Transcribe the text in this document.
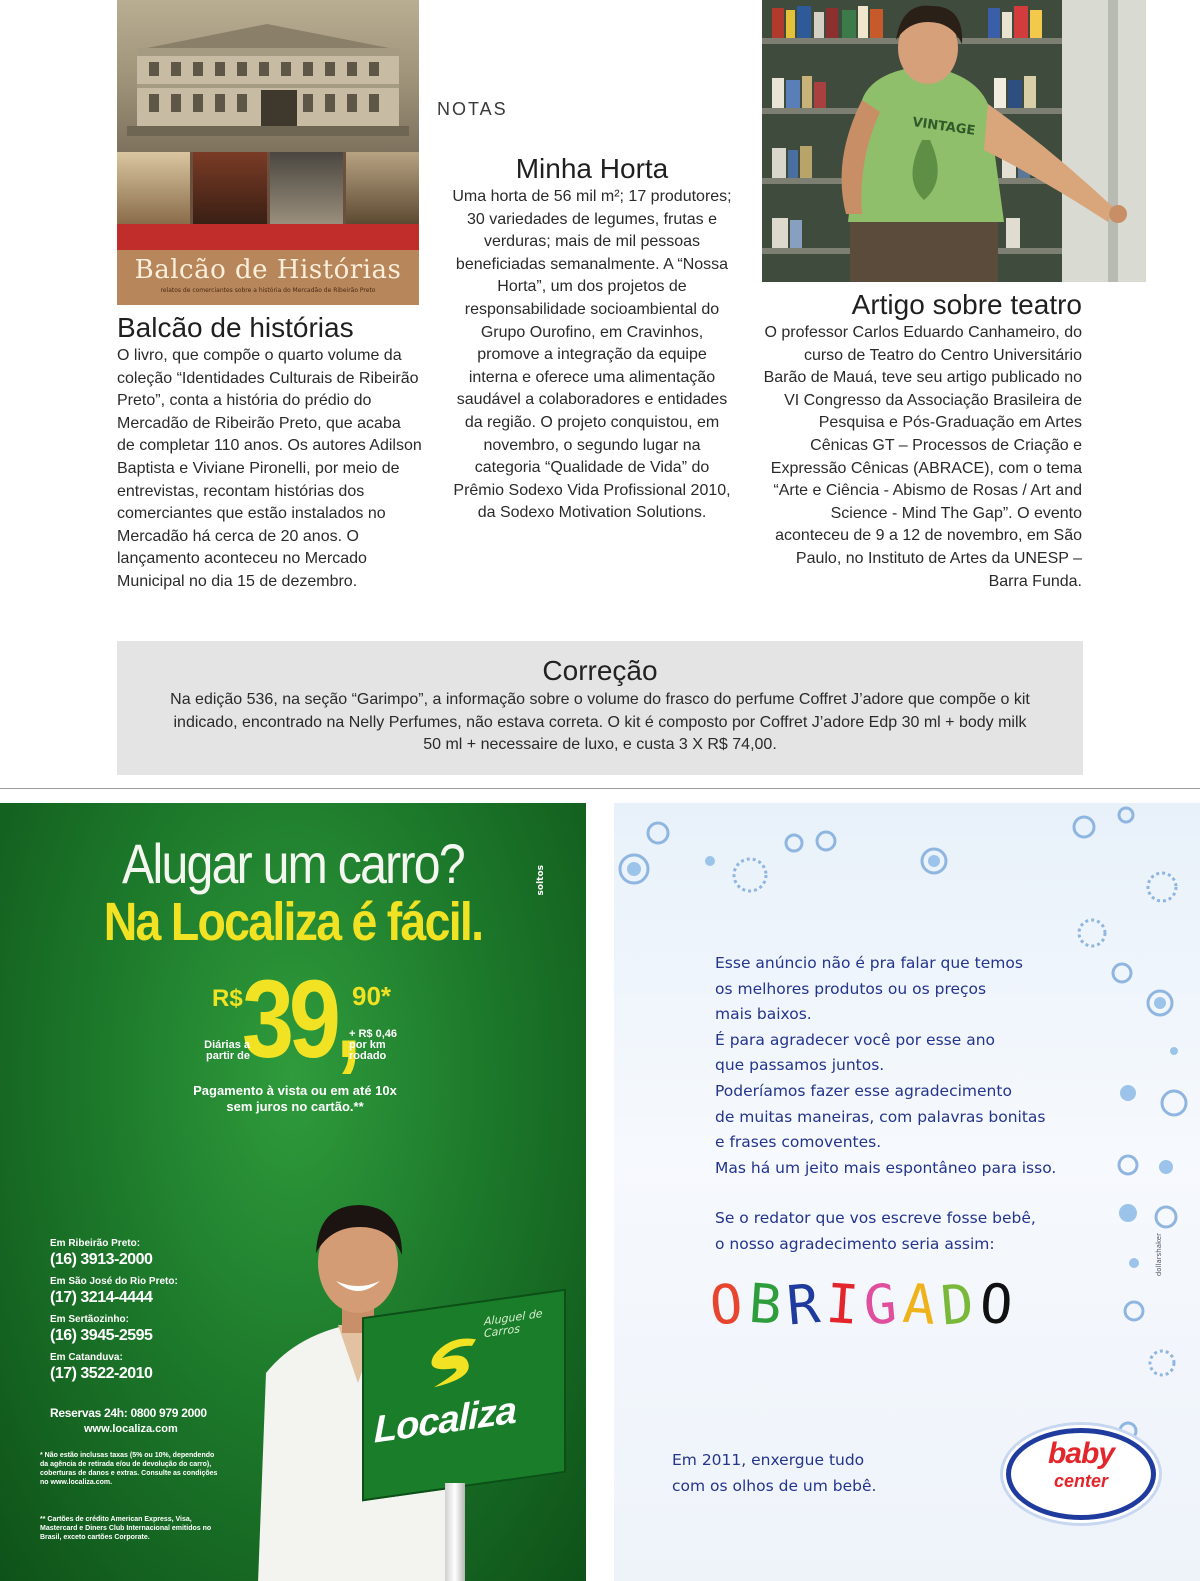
Balcão de Histórias
relatos de comerciantes sobre a história do Mercadão de Ribeirão Preto
NOTAS
Balcão de histórias

O livro, que compõe o quarto volume da coleção “Identidades Culturais de Ribeirão Preto”, conta a história do prédio do Mercadão de Ribeirão Preto, que acaba de completar 110 anos. Os autores Adilson Baptista e Viviane Pironelli, por meio de entrevistas, recontam histórias dos comerciantes que estão instalados no Mercadão há cerca de 20 anos. O lançamento aconteceu no Mercado Municipal no dia 15 de dezembro.

Minha Horta

Uma horta de 56 mil m²; 17 produtores; 30 variedades de legumes, frutas e verduras; mais de mil pessoas beneficiadas semanalmente. A “Nossa Horta”, um dos projetos de responsabilidade socioambiental do Grupo Ourofino, em Cravinhos, promove a integração da equipe interna e oferece uma alimentação saudável a colaboradores e entidades da região. O projeto conquistou, em novembro, o segundo lugar na categoria “Qualidade de Vida” do Prêmio Sodexo Vida Profissional 2010, da Sodexo Motivation Solutions.

VINTAGE
Artigo sobre teatro

O professor Carlos Eduardo Canhameiro, do curso de Teatro do Centro Universitário Barão de Mauá, teve seu artigo publicado no VI Congresso da Associação Brasileira de Pesquisa e Pós-Graduação em Artes Cênicas GT – Processos de Criação e Expressão Cênicas (ABRACE), com o tema “Arte e Ciência - Abismo de Rosas / Art and Science - Mind The Gap”. O evento aconteceu de 9 a 12 de novembro, em São Paulo, no Instituto de Artes da UNESP – Barra Funda.

Correção

Na edição 536, na seção “Garimpo”, a informação sobre o volume do frasco do perfume Coffret J’adore que compõe o kit indicado, encontrado na Nelly Perfumes, não estava correta. O kit é composto por Coffret J’adore Edp 30 ml + body milk 50 ml + necessaire de luxo, e custa 3 X R$ 74,00.

Alugar um carro?
Na Localiza é fácil.
soltos
R$ 39,
90*
Diárias a partir de
+ R$ 0,46 por km rodado
Pagamento à vista ou em até 10x sem juros no cartão.**
Aluguel de Carros
Localiza
Em Ribeirão Preto:
(16) 3913-2000
Em São José do Rio Preto:
(17) 3214-4444
Em Sertãozinho:
(16) 3945-2595
Em Catanduva:
(17) 3522-2010
Reservas 24h: 0800 979 2000
www.localiza.com
* Não estão inclusas taxas (5% ou 10%, dependendo da agência de retirada e/ou de devolução do carro), coberturas de danos e extras. Consulte as condições no www.localiza.com.
** Cartões de crédito American Express, Visa, Mastercard e Diners Club Internacional emitidos no Brasil, exceto cartões Corporate.
Esse anúncio não é pra falar que temos
os melhores produtos ou os preços
mais baixos.
É para agradecer você por esse ano
que passamos juntos.
Poderíamos fazer esse agradecimento
de muitas maneiras, com palavras bonitas
e frases comoventes.
Mas há um jeito mais espontâneo para isso.
Se o redator que vos escreve fosse bebê,
o nosso agradecimento seria assim:
OBRIGADO
Em 2011, enxergue tudo
com os olhos de um bebê.
baby
center
dollarshaker
